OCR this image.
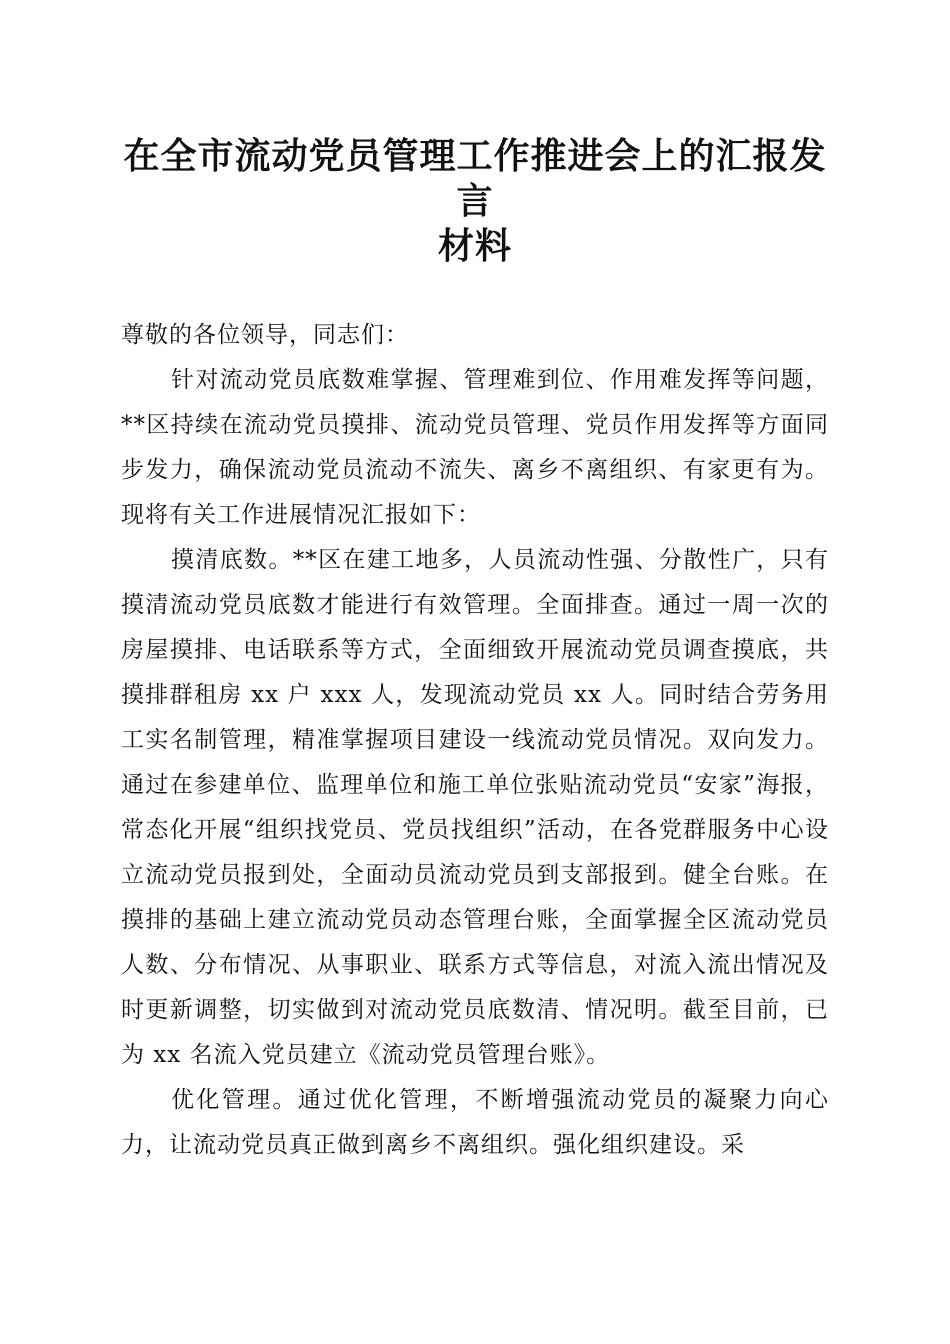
在全市流动党员管理工作推进会上的汇报发言
材料

尊敬的各位领导，同志们：

针对流动党员底数难掌握、管理难到位、作用难发挥等问题，**区持续在流动党员摸排、流动党员管理、党员作用发挥等方面同步发力，确保流动党员流动不流失、离乡不离组织、有家更有为。现将有关工作进展情况汇报如下：

摸清底数。**区在建工地多，人员流动性强、分散性广，只有摸清流动党员底数才能进行有效管理。全面排查。通过一周一次的房屋摸排、电话联系等方式，全面细致开展流动党员调查摸底，共摸排群租房 xx 户 xxx 人，发现流动党员 xx 人。同时结合劳务用工实名制管理，精准掌握项目建设一线流动党员情况。双向发力。通过在参建单位、监理单位和施工单位张贴流动党员“安家”海报，常态化开展“组织找党员、党员找组织”活动，在各党群服务中心设立流动党员报到处，全面动员流动党员到支部报到。健全台账。在摸排的基础上建立流动党员动态管理台账，全面掌握全区流动党员人数、分布情况、从事职业、联系方式等信息，对流入流出情况及时更新调整，切实做到对流动党员底数清、情况明。截至目前，已为 xx 名流入党员建立《流动党员管理台账》。

优化管理。通过优化管理，不断增强流动党员的凝聚力向心力，让流动党员真正做到离乡不离组织。强化组织建设。采
